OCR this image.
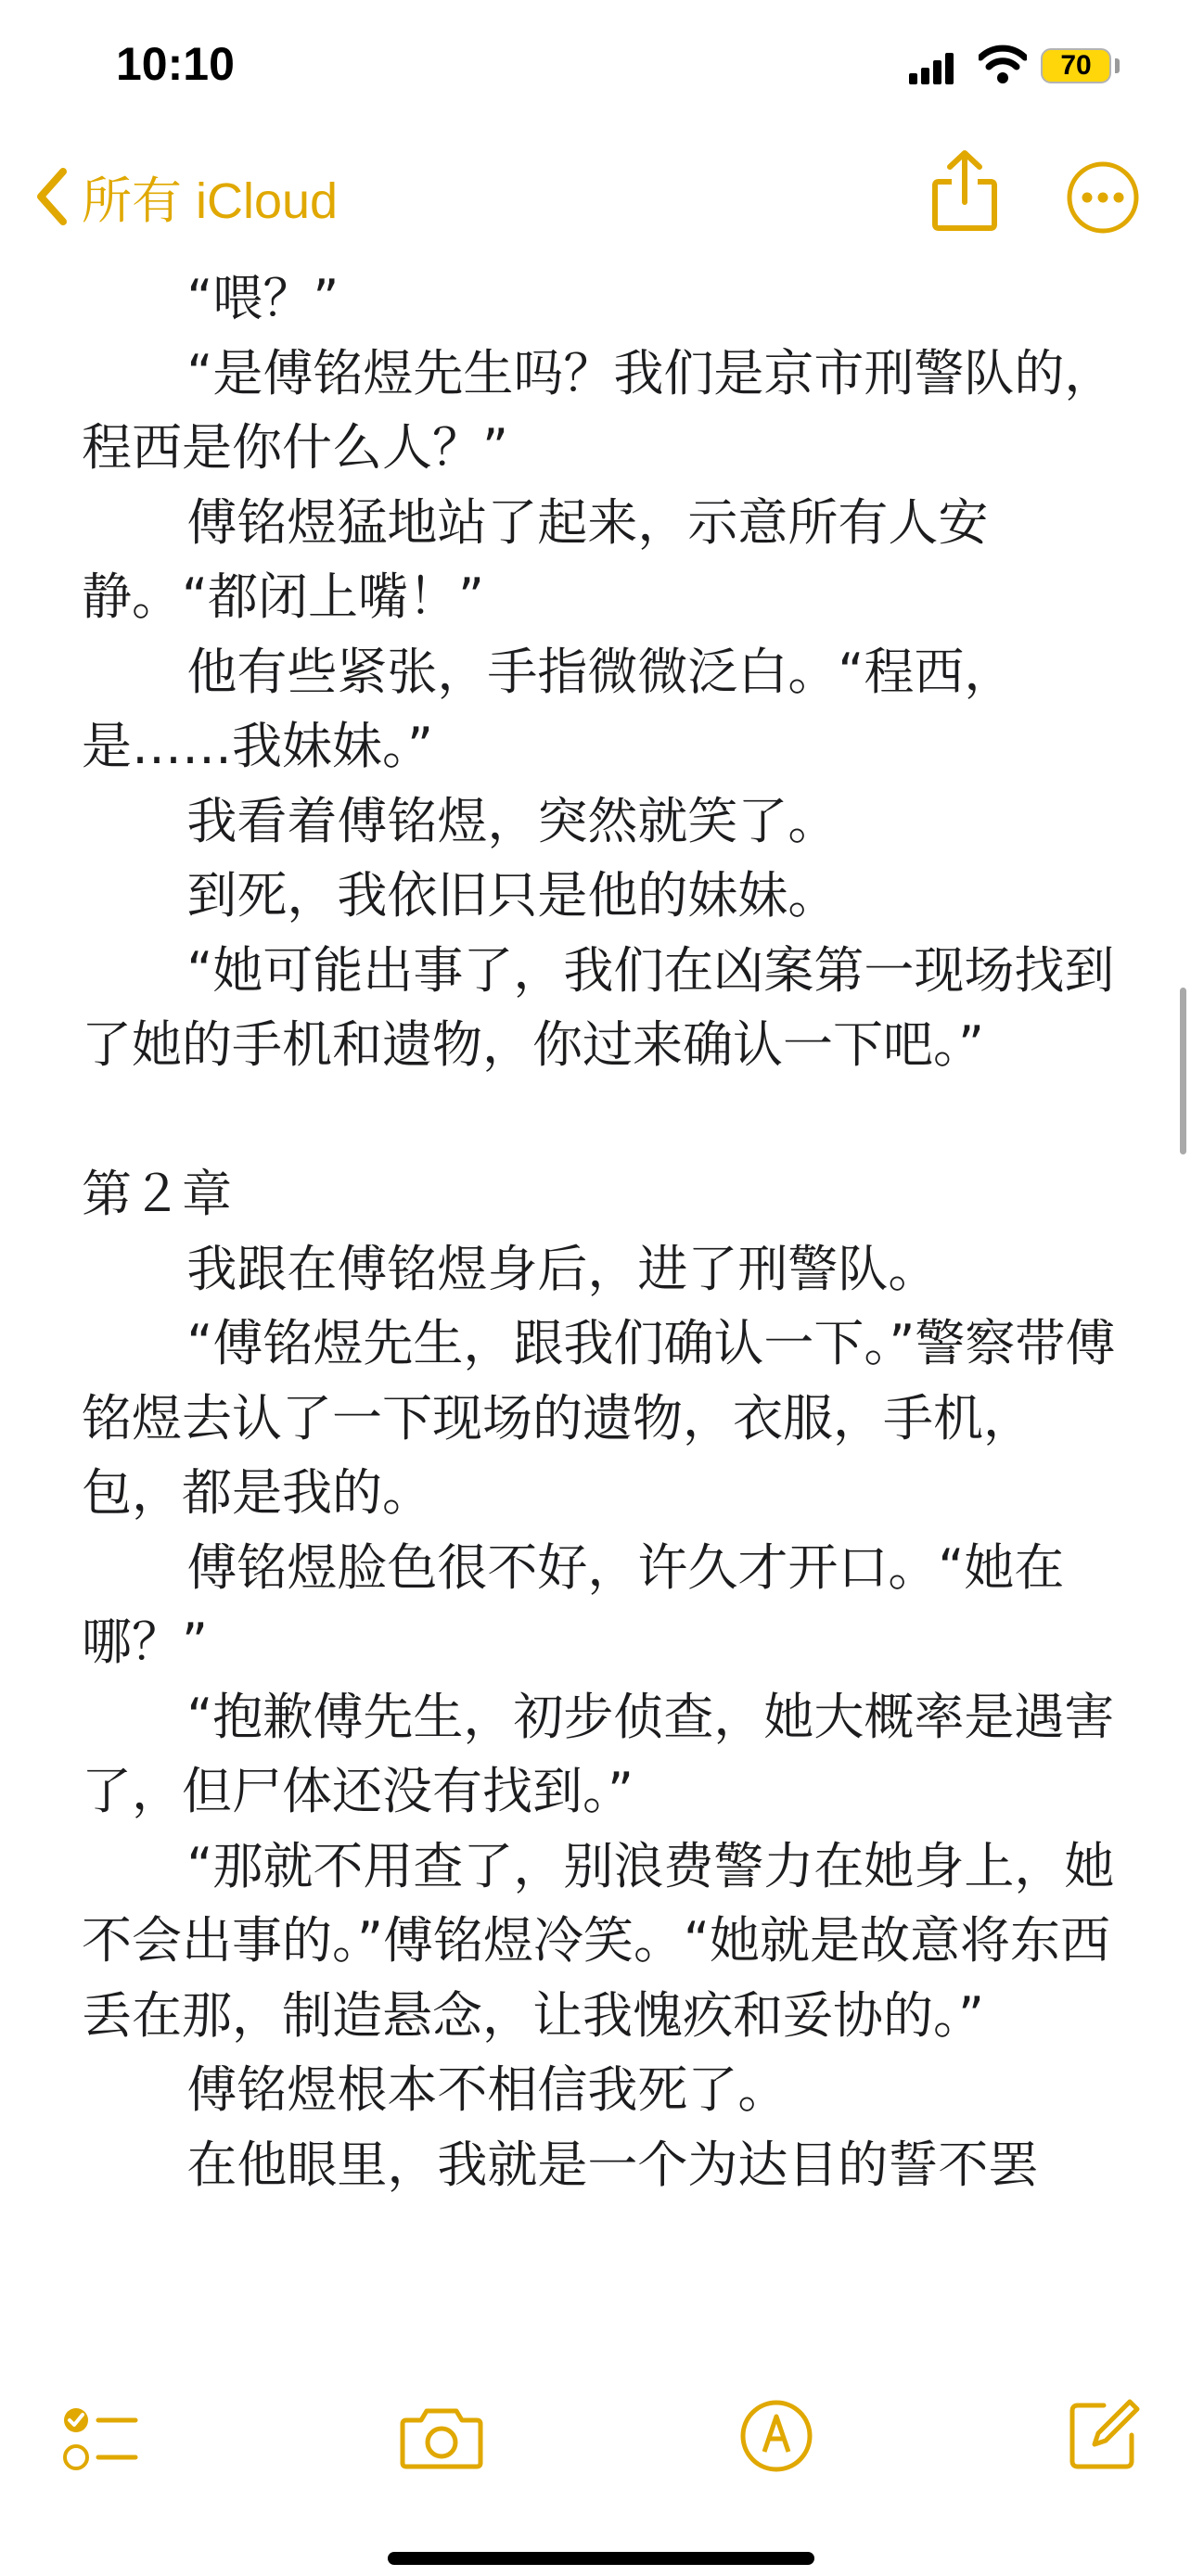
10:10	70
所有 iCloud

“喂？”

“是傅铭煜先生吗？我们是京市刑警队的，程西是你什么人？”

傅铭煜猛地站了起来，示意所有人安静。“都闭上嘴！”

他有些紧张，手指微微泛白。“程西，是……我妹妹。”

我看着傅铭煜，突然就笑了。

到死，我依旧只是他的妹妹。

“她可能出事了，我们在凶案第一现场找到了她的手机和遗物，你过来确认一下吧。”

第２章

我跟在傅铭煜身后，进了刑警队。

“傅铭煜先生，跟我们确认一下。”警察带傅铭煜去认了一下现场的遗物，衣服，手机，包，都是我的。

傅铭煜脸色很不好，许久才开口。“她在哪？”

“抱歉傅先生，初步侦查，她大概率是遇害了，但尸体还没有找到。”

“那就不用查了，别浪费警力在她身上，她不会出事的。”傅铭煜冷笑。“她就是故意将东西丢在那，制造悬念，让我愧疚和妥协的。”

傅铭煜根本不相信我死了。

在他眼里，我就是一个为达目的誓不罢
